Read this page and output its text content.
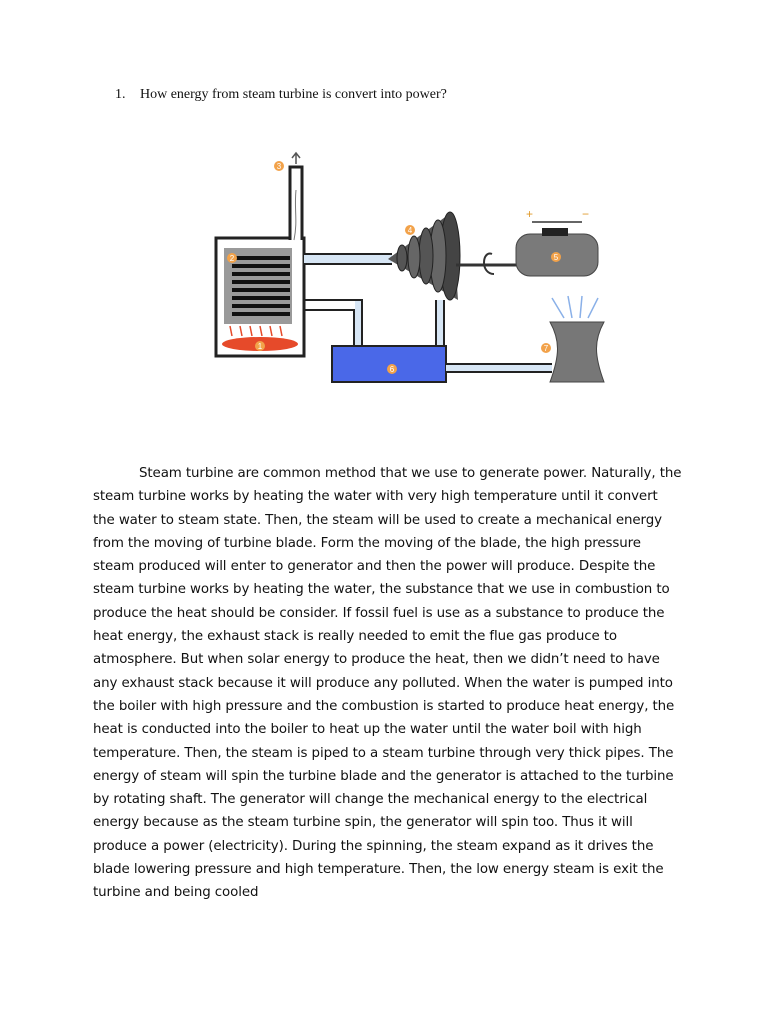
1. How energy from steam turbine is convert into power?
+	−
1
2
3
4
5
6
7

Steam turbine are common method that we use to generate power. Naturally, the steam turbine works by heating the water with very high temperature until it convert the water to steam state. Then, the steam will be used to create a mechanical energy from the moving of turbine blade. Form the moving of the blade, the high pressure steam produced will enter to generator and then the power will produce. Despite the steam turbine works by heating the water, the substance that we use in combustion to produce the heat should be consider. If fossil fuel is use as a substance to produce the heat energy, the exhaust stack is really needed to emit the flue gas produce to atmosphere. But when solar energy to produce the heat, then we didn’t need to have any exhaust stack because it will produce any polluted. When the water is pumped into the boiler with high pressure and the combustion is started to produce heat energy, the heat is conducted into the boiler to heat up the water until the water boil with high temperature. Then, the steam is piped to a steam turbine through very thick pipes. The energy of steam will spin the turbine blade and the generator is attached to the turbine by rotating shaft. The generator will change the mechanical energy to the electrical energy because as the steam turbine spin, the generator will spin too. Thus it will produce a power (electricity). During the spinning, the steam expand as it drives the blade lowering pressure and high temperature. Then, the low energy steam is exit the turbine and being cooled
